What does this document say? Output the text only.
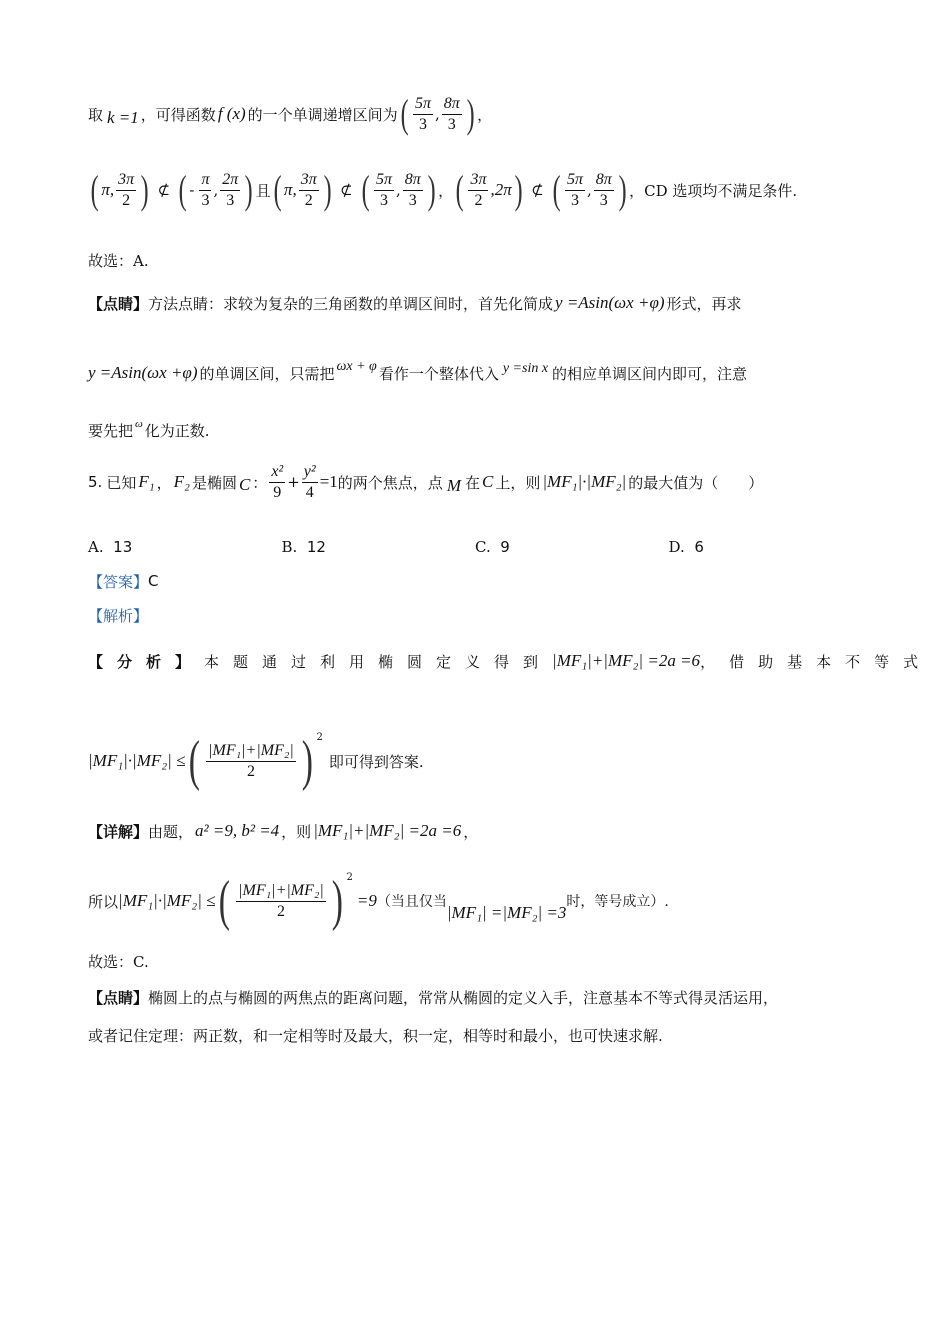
取 k =1 ，可得函数 f (x) 的一个单调递增区间为 ( $\frac{5\pi}{3}$ , $\frac{8\pi}{3}$ ) ，
( π, $\frac{3\pi}{2}$ ) ⊄ ( - $\frac{\pi}{3}$ , $\frac{2\pi}{3}$ ) 且 ( π, $\frac{3\pi}{2}$ ) ⊄ ( $\frac{5\pi}{3}$ , $\frac{8\pi}{3}$ ) ， ( $\frac{3\pi}{2} ,2\pi$ ) ⊄ ( $\frac{5\pi}{3}$ , $\frac{8\pi}{3}$ ) ，CD 选项均不满足条件.
故选：A.
【点睛】 方法点睛：求较为复杂的三角函数的单调区间时，首先化简成 y =Asin(ωx +φ) 形式，再求
y =Asin(ωx +φ) 的单调区间，只需把 ωx + φ 看作一个整体代入 y =sin x 的相应单调区间内即可，注意
要先把 ω 化为正数.
5. 已知 F₁ ， F₂ 是椭圆 C ： $\frac{\text{x²}}{9} + \frac{\text{y²}}{4} =1$ 的两个焦点，点 M 在 C 上，则 |MF₁|·|MF₂| 的最大值为（　　）
A. 13	B. 12	C. 9	D. 6
【答案】 C
【解析】
【分析】 本题通过利用椭圆定义得到 |MF₁|+|MF₂| =2a =6 ，借助基本不等式
|MF₁|·|MF₂| ≤ ( $\frac{\text{|MF₁|+|MF₂|}}{2}$ ) 2
即可得到答案.
【详解】 由题， a² =9, b² =4 ，则 |MF₁|+|MF₂| =2a =6 ，
所以 |MF₁|·|MF₂| ≤ ( $\frac{\text{|MF₁|+|MF₂|}}{2}$ ) 2
=9 （当且仅当
|MF₁| =|MF₂| =3
时，等号成立）.
故选：C.
【点睛】 椭圆上的点与椭圆的两焦点的距离问题，常常从椭圆的定义入手，注意基本不等式得灵活运用，
或者记住定理：两正数，和一定相等时及最大，积一定，相等时和最小，也可快速求解.
